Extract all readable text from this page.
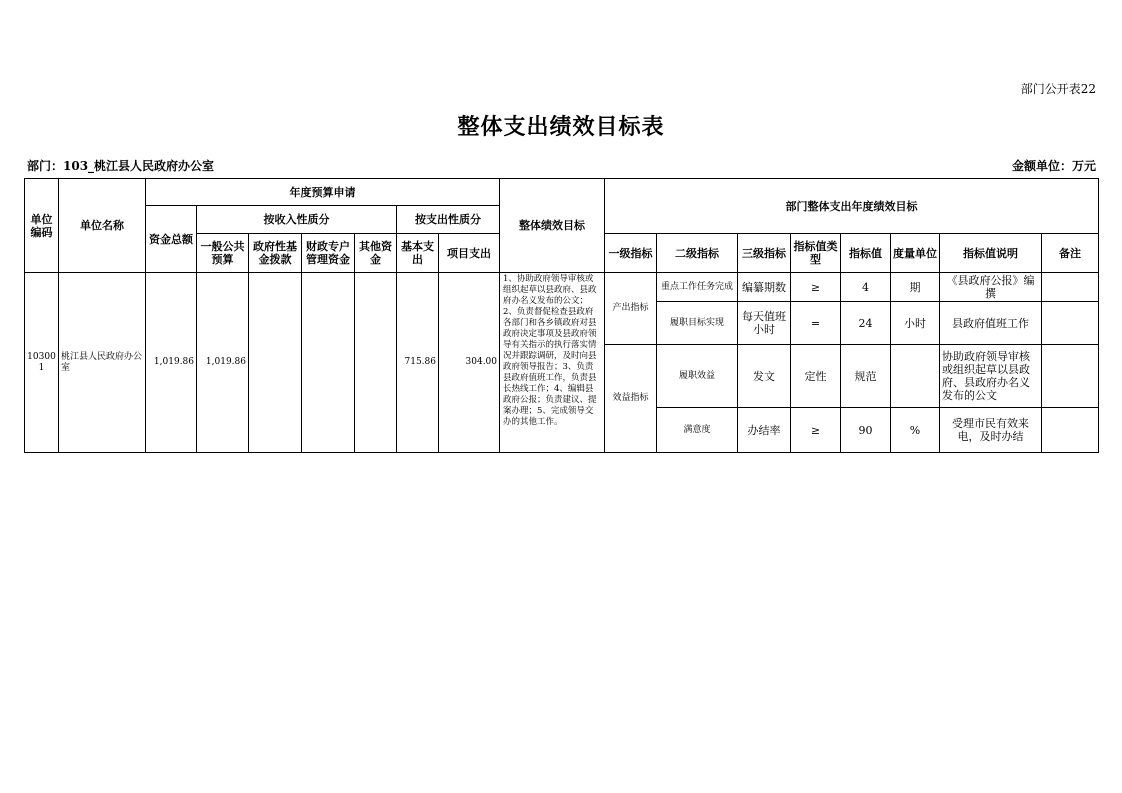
部门公开表22
整体支出绩效目标表
部门：103_桃江县人民政府办公室	金额单位：万元
单位编码	单位名称	年度预算申请							整体绩效目标	部门整体支出年度绩效目标							
		资金总额	按收入性质分				按支出性质分										
			一般公共预算	政府性基金拨款	财政专户管理资金	其他资金	基本支出	项目支出		一级指标	二级指标	三级指标	指标值类型	指标值	度量单位	指标值说明	备注
103001	桃江县人民政府办公室	1,019.86	1,019.86				715.86	304.00	1、协助政府领导审核或组织起草以县政府、县政府办名义发布的公文；2、负责督促检查县政府各部门和各乡镇政府对县政府决定事项及县政府领导有关指示的执行落实情况并跟踪调研，及时向县政府领导报告；3、负责县政府值班工作，负责县长热线工作；4、编辑县政府公报；负责建议、提案办理；5、完成领导交办的其他工作。	产出指标	重点工作任务完成	编纂期数	≥	4	期	《县政府公报》编撰	
											履职目标实现	每天值班小时	=	24	小时	县政府值班工作	
										效益指标	履职效益	发文	定性	规范		协助政府领导审核或组织起草以县政府、县政府办名义发布的公文	
											满意度	办结率	≥	90	%	受理市民有效来电，及时办结	
